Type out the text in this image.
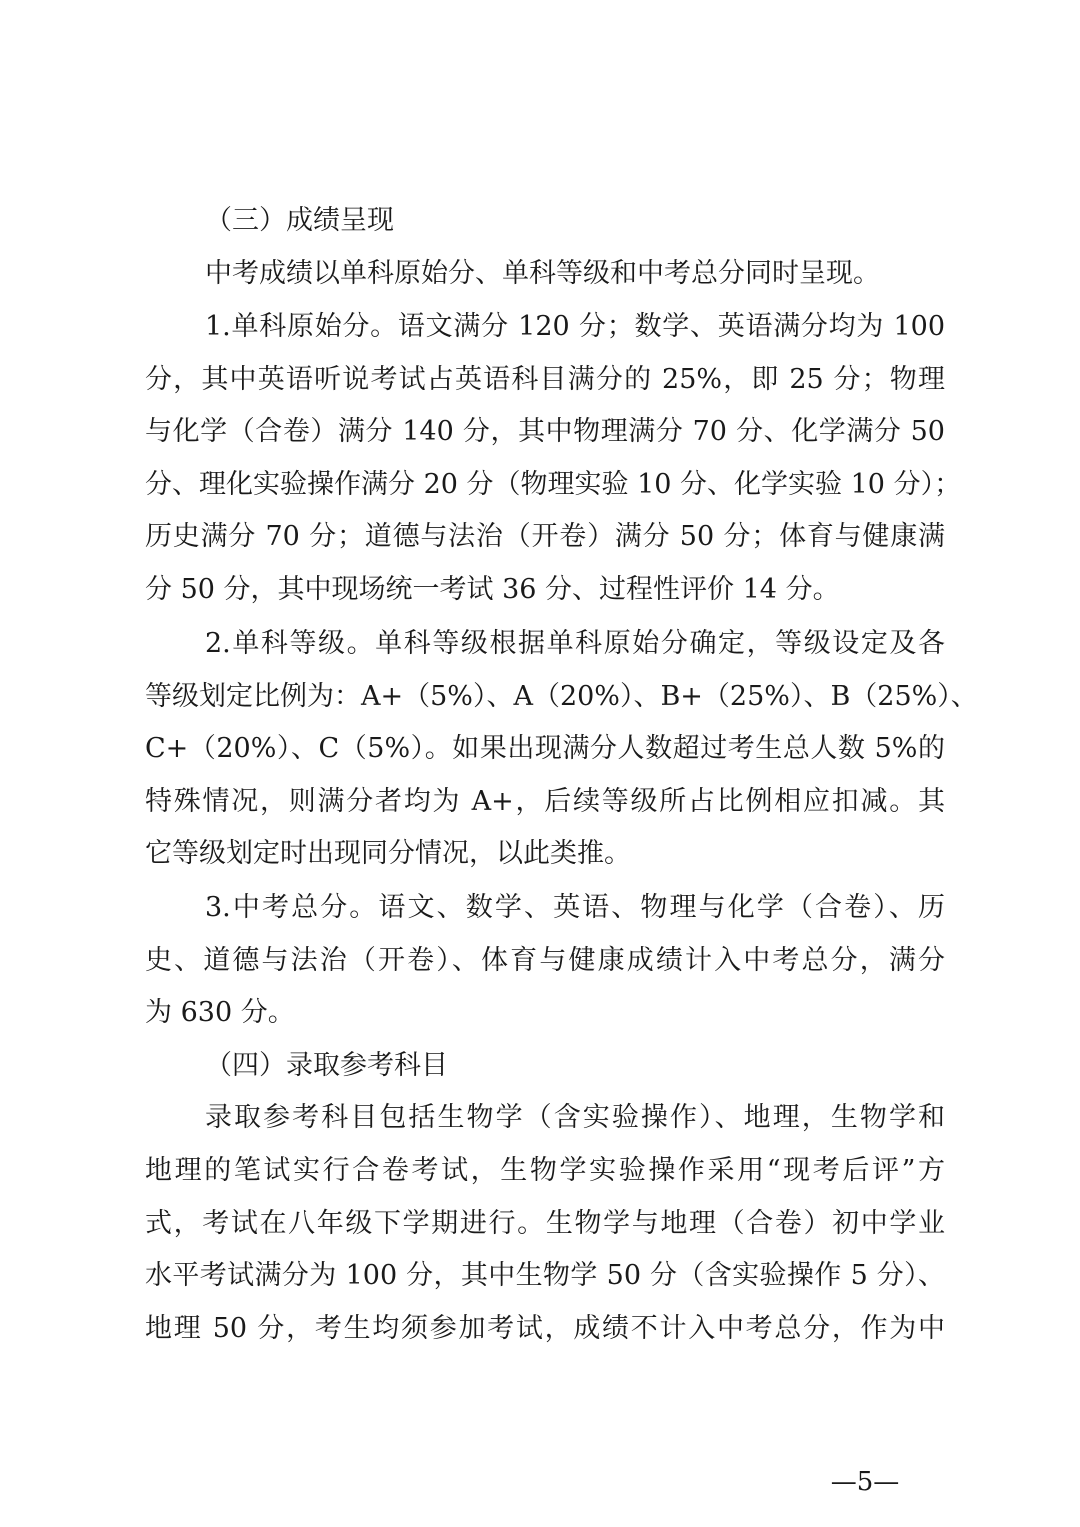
（三）成绩呈现
中考成绩以单科原始分、单科等级和中考总分同时呈现。
1.单科原始分。语文满分 120 分；数学、英语满分均为 100
分，其中英语听说考试占英语科目满分的 25%，即 25 分；物理
与化学（合卷）满分 140 分，其中物理满分 70 分、化学满分 50
分、理化实验操作满分 20 分（物理实验 10 分、化学实验 10 分）；
历史满分 70 分；道德与法治（开卷）满分 50 分；体育与健康满
分 50 分，其中现场统一考试 36 分、过程性评价 14 分。
2.单科等级。单科等级根据单科原始分确定，等级设定及各
等级划定比例为：A+（5%）、A（20%）、B+（25%）、B（25%）、
C+（20%）、C（5%）。如果出现满分人数超过考生总人数 5%的
特殊情况，则满分者均为 A+，后续等级所占比例相应扣减。其
它等级划定时出现同分情况，以此类推。
3.中考总分。语文、数学、英语、物理与化学（合卷）、历
史、道德与法治（开卷）、体育与健康成绩计入中考总分，满分
为 630 分。
（四）录取参考科目
录取参考科目包括生物学（含实验操作）、地理，生物学和
地理的笔试实行合卷考试，生物学实验操作采用“现考后评”方
式，考试在八年级下学期进行。生物学与地理（合卷）初中学业
水平考试满分为 100 分，其中生物学 50 分（含实验操作 5 分）、
地理 50 分，考生均须参加考试，成绩不计入中考总分，作为中
—5—
